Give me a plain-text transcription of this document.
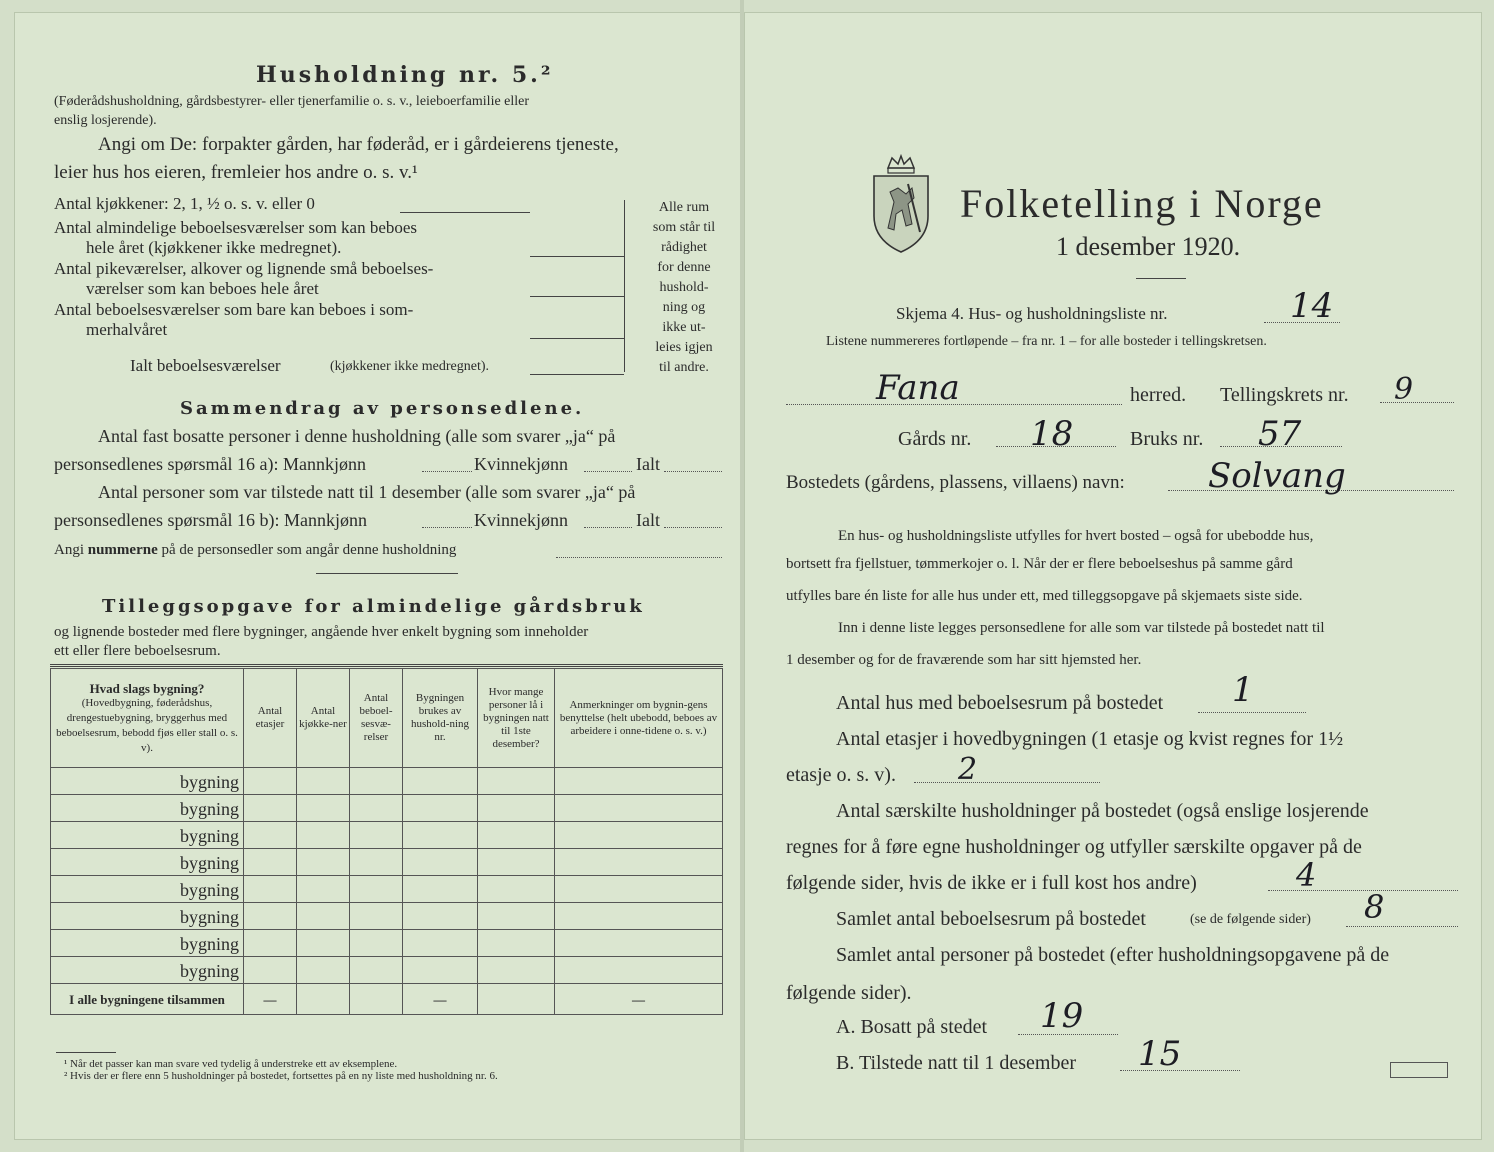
Husholdning nr. 5.²
(Føderådshusholdning, gårdsbestyrer- eller tjenerfamilie o. s. v., leieboerfamilie eller
enslig losjerende).
Angi om De: forpakter gården, har føderåd, er i gårdeierens tjeneste,
leier hus hos eieren, fremleier hos andre o. s. v.¹
Antal kjøkkener: 2, 1, ½ o. s. v. eller 0
Antal almindelige beboelsesværelser som kan beboes
hele året (kjøkkener ikke medregnet).
Antal pikeværelser, alkover og lignende små beboelses-
værelser som kan beboes hele året
Antal beboelsesværelser som bare kan beboes i som-
merhalvåret
Ialt beboelsesværelser	(kjøkkener ikke medregnet).
Alle rum
som står til
rådighet
for denne
hushold-
ning og
ikke ut-
leies igjen
til andre.
Sammendrag av personsedlene.
Antal fast bosatte personer i denne husholdning (alle som svarer „ja“ på
personsedlenes spørsmål 16 a): Mannkjønn	Kvinnekjønn	Ialt
Antal personer som var tilstede natt til 1 desember (alle som svarer „ja“ på
personsedlenes spørsmål 16 b): Mannkjønn	Kvinnekjønn	Ialt
Angi nummerne på de personsedler som angår denne husholdning
Tilleggsopgave for almindelige gårdsbruk
og lignende bosteder med flere bygninger, angående hver enkelt bygning som inneholder
ett eller flere beboelsesrum.
Hvad slags bygning?
(Hovedbygning, føderådshus, drengestuebygning, bryggerhus med beboelsesrum, bebodd fjøs eller stall o. s. v).	Antal etasjer	Antal kjøkke-ner	Antal beboel-sesvæ-relser	Bygningen brukes av hushold-ning nr.	Hvor mange personer lå i bygningen natt til 1ste desember?	Anmerkninger om bygnin-gens benyttelse (helt ubebodd, beboes av arbeidere i onne-tidene o. s. v.)
bygning						
bygning						
bygning						
bygning						
bygning						
bygning						
bygning						
bygning						
I alle bygningene tilsammen	—			—		—
¹ Når det passer kan man svare ved tydelig å understreke ett av eksemplene.
² Hvis der er flere enn 5 husholdninger på bostedet, fortsettes på en ny liste med husholdning nr. 6.
Folketelling i Norge
1 desember 1920.
Skjema 4. Hus- og husholdningsliste nr.	14
Listene nummereres fortløpende – fra nr. 1 – for alle bosteder i tellingskretsen.
Fana	herred. Tellingskrets nr. 9
Gårds nr. 18	Bruks nr. 57
Bostedets (gårdens, plassens, villaens) navn: Solvang
En hus- og husholdningsliste utfylles for hvert bosted – også for ubebodde hus,
bortsett fra fjellstuer, tømmerkojer o. l. Når der er flere beboelseshus på samme gård
utfylles bare én liste for alle hus under ett, med tilleggsopgave på skjemaets siste side.
Inn i denne liste legges personsedlene for alle som var tilstede på bostedet natt til
1 desember og for de fraværende som har sitt hjemsted her.
Antal hus med beboelsesrum på bostedet 1
Antal etasjer i hovedbygningen (1 etasje og kvist regnes for 1½
etasje o. s. v). 2
Antal særskilte husholdninger på bostedet (også enslige losjerende
regnes for å føre egne husholdninger og utfyller særskilte opgaver på de
følgende sider, hvis de ikke er i full kost hos andre)	4
Samlet antal beboelsesrum på bostedet	(se de følgende sider) 8
Samlet antal personer på bostedet (efter husholdningsopgavene på de
følgende sider).
A. Bosatt på stedet 19
B. Tilstede natt til 1 desember 15
